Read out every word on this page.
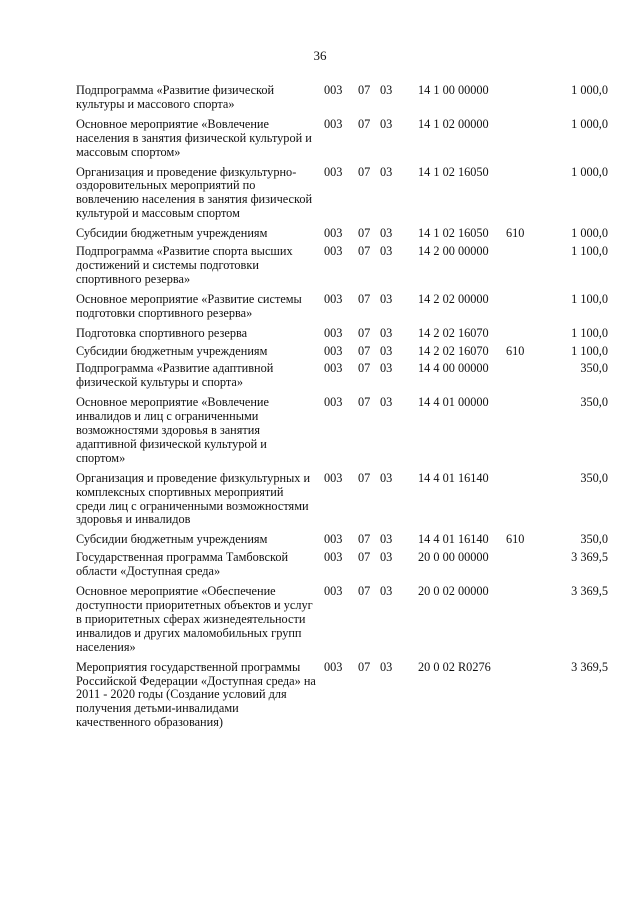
36
Подпрограмма «Развитие физической культуры и массового спорта»
003	07 03	14 1 00 00000	1 000,0
Основное мероприятие «Вовлечение населения в занятия физической культурой и массовым спортом»
003	07 03	14 1 02 00000	1 000,0
Организация и проведение физкультурно-оздоровительных мероприятий по вовлечению населения в занятия физической культурой и массовым спортом
003	07 03	14 1 02 16050	1 000,0
Субсидии бюджетным учреждениям	003	07 03	14 1 02 16050	610	1 000,0
Подпрограмма «Развитие спорта высших достижений и системы подготовки спортивного резерва»
003	07 03	14 2 00 00000	1 100,0
Основное мероприятие «Развитие системы подготовки спортивного резерва»
003	07 03	14 2 02 00000	1 100,0
Подготовка спортивного резерва	003	07 03	14 2 02 16070	1 100,0
Субсидии бюджетным учреждениям	003	07 03	14 2 02 16070	610	1 100,0
Подпрограмма «Развитие адаптивной физической культуры и спорта»
003	07 03	14 4 00 00000	350,0
Основное мероприятие «Вовлечение инвалидов и лиц с ограниченными возможностями здоровья в занятия адаптивной физической культурой и спортом»
003	07 03	14 4 01 00000	350,0
Организация и проведение физкультурных и комплексных спортивных мероприятий среди лиц с ограниченными возможностями здоровья и инвалидов
003	07 03	14 4 01 16140	350,0
Субсидии бюджетным учреждениям	003	07 03	14 4 01 16140	610	350,0
Государственная программа Тамбовской области «Доступная среда»
003	07 03	20 0 00 00000	3 369,5
Основное мероприятие «Обеспечение доступности приоритетных объектов и услуг в приоритетных сферах жизнедеятельности инвалидов и других маломобильных групп населения»
003	07 03	20 0 02 00000	3 369,5
Мероприятия государственной программы Российской Федерации «Доступная среда» на 2011 - 2020 годы (Создание условий для получения детьми-инвалидами качественного образования)
003	07 03	20 0 02 R0276	3 369,5
